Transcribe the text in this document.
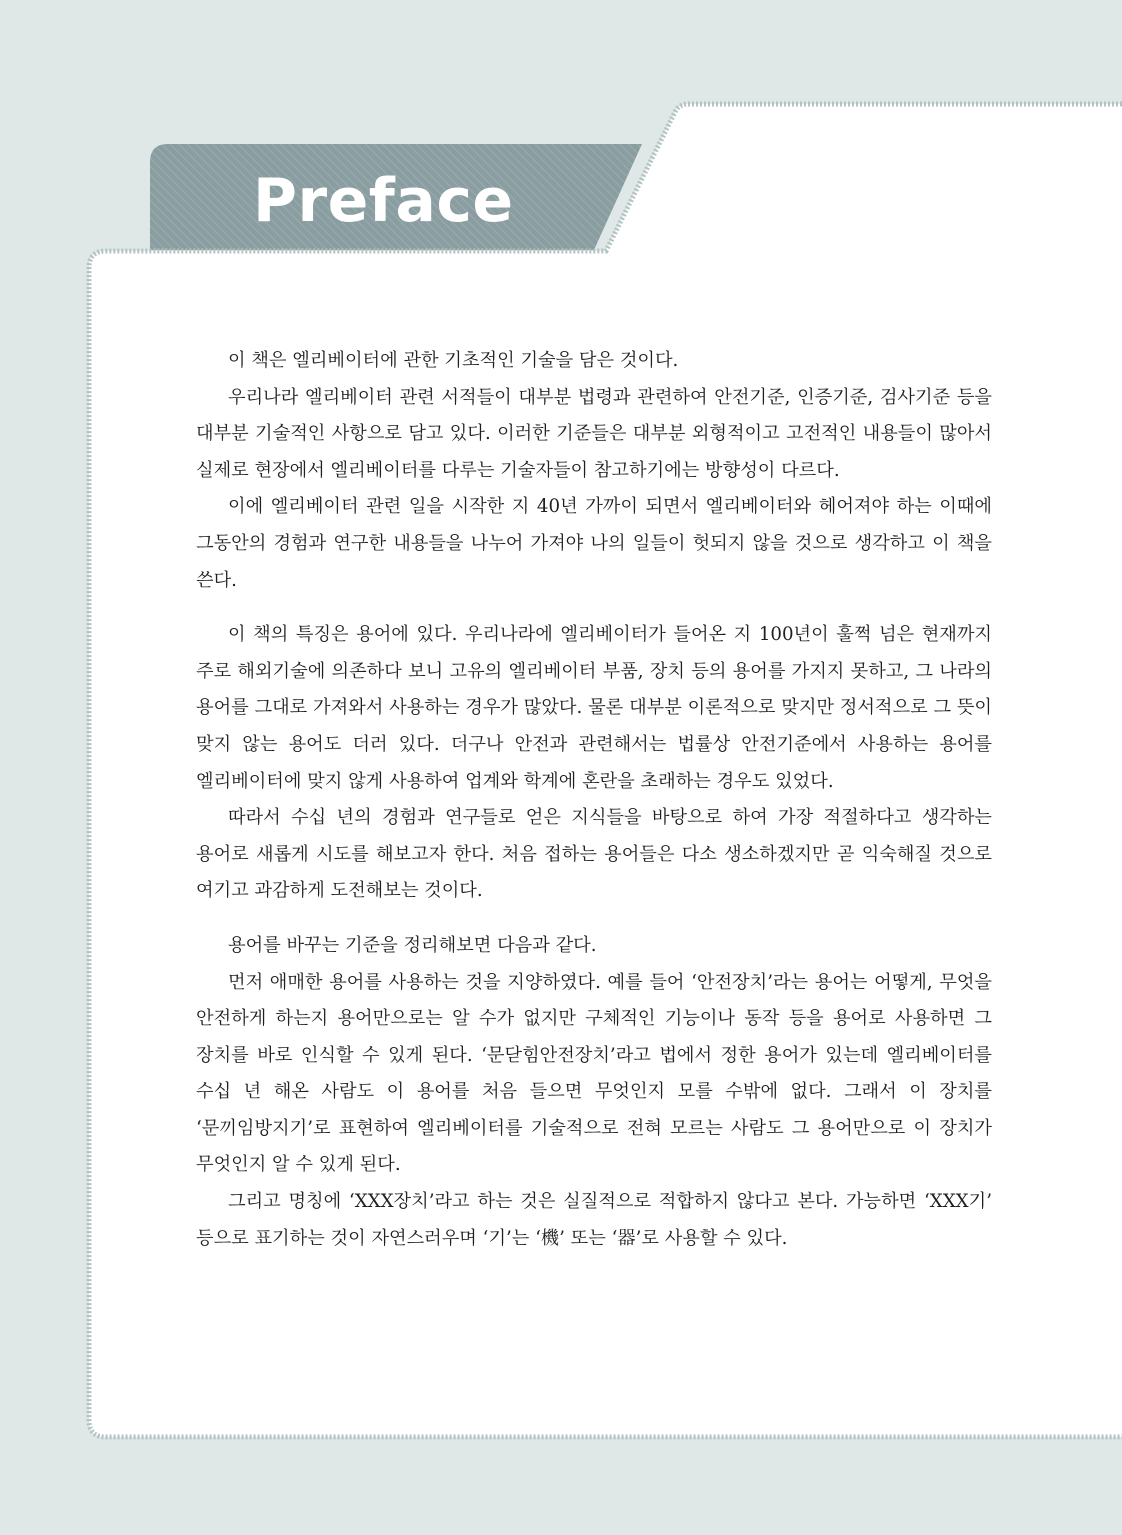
Preface

이 책은 엘리베이터에 관한 기초적인 기술을 담은 것이다.

우리나라 엘리베이터 관련 서적들이 대부분 법령과 관련하여 안전기준, 인증기준, 검사기준 등을 대부분 기술적인 사항으로 담고 있다. 이러한 기준들은 대부분 외형적이고 고전적인 내용들이 많아서 실제로 현장에서 엘리베이터를 다루는 기술자들이 참고하기에는 방향성이 다르다.

이에 엘리베이터 관련 일을 시작한 지 40년 가까이 되면서 엘리베이터와 헤어져야 하는 이때에 그동안의 경험과 연구한 내용들을 나누어 가져야 나의 일들이 헛되지 않을 것으로 생각하고 이 책을 쓴다.

이 책의 특징은 용어에 있다. 우리나라에 엘리베이터가 들어온 지 100년이 훌쩍 넘은 현재까지 주로 해외기술에 의존하다 보니 고유의 엘리베이터 부품, 장치 등의 용어를 가지지 못하고, 그 나라의 용어를 그대로 가져와서 사용하는 경우가 많았다. 물론 대부분 이론적으로 맞지만 정서적으로 그 뜻이 맞지 않는 용어도 더러 있다. 더구나 안전과 관련해서는 법률상 안전기준에서 사용하는 용어를 엘리베이터에 맞지 않게 사용하여 업계와 학계에 혼란을 초래하는 경우도 있었다.

따라서 수십 년의 경험과 연구들로 얻은 지식들을 바탕으로 하여 가장 적절하다고 생각하는 용어로 새롭게 시도를 해보고자 한다. 처음 접하는 용어들은 다소 생소하겠지만 곧 익숙해질 것으로 여기고 과감하게 도전해보는 것이다.

용어를 바꾸는 기준을 정리해보면 다음과 같다.

먼저 애매한 용어를 사용하는 것을 지양하였다. 예를 들어 ‘안전장치’라는 용어는 어떻게, 무엇을 안전하게 하는지 용어만으로는 알 수가 없지만 구체적인 기능이나 동작 등을 용어로 사용하면 그 장치를 바로 인식할 수 있게 된다. ‘문닫힘안전장치’라고 법에서 정한 용어가 있는데 엘리베이터를 수십 년 해온 사람도 이 용어를 처음 들으면 무엇인지 모를 수밖에 없다. 그래서 이 장치를 ‘문끼임방지기’로 표현하여 엘리베이터를 기술적으로 전혀 모르는 사람도 그 용어만으로 이 장치가 무엇인지 알 수 있게 된다.

그리고 명칭에 ‘XXX장치’라고 하는 것은 실질적으로 적합하지 않다고 본다. 가능하면 ‘XXX기’ 등으로 표기하는 것이 자연스러우며 ‘기’는 ‘機’ 또는 ‘器’로 사용할 수 있다.
